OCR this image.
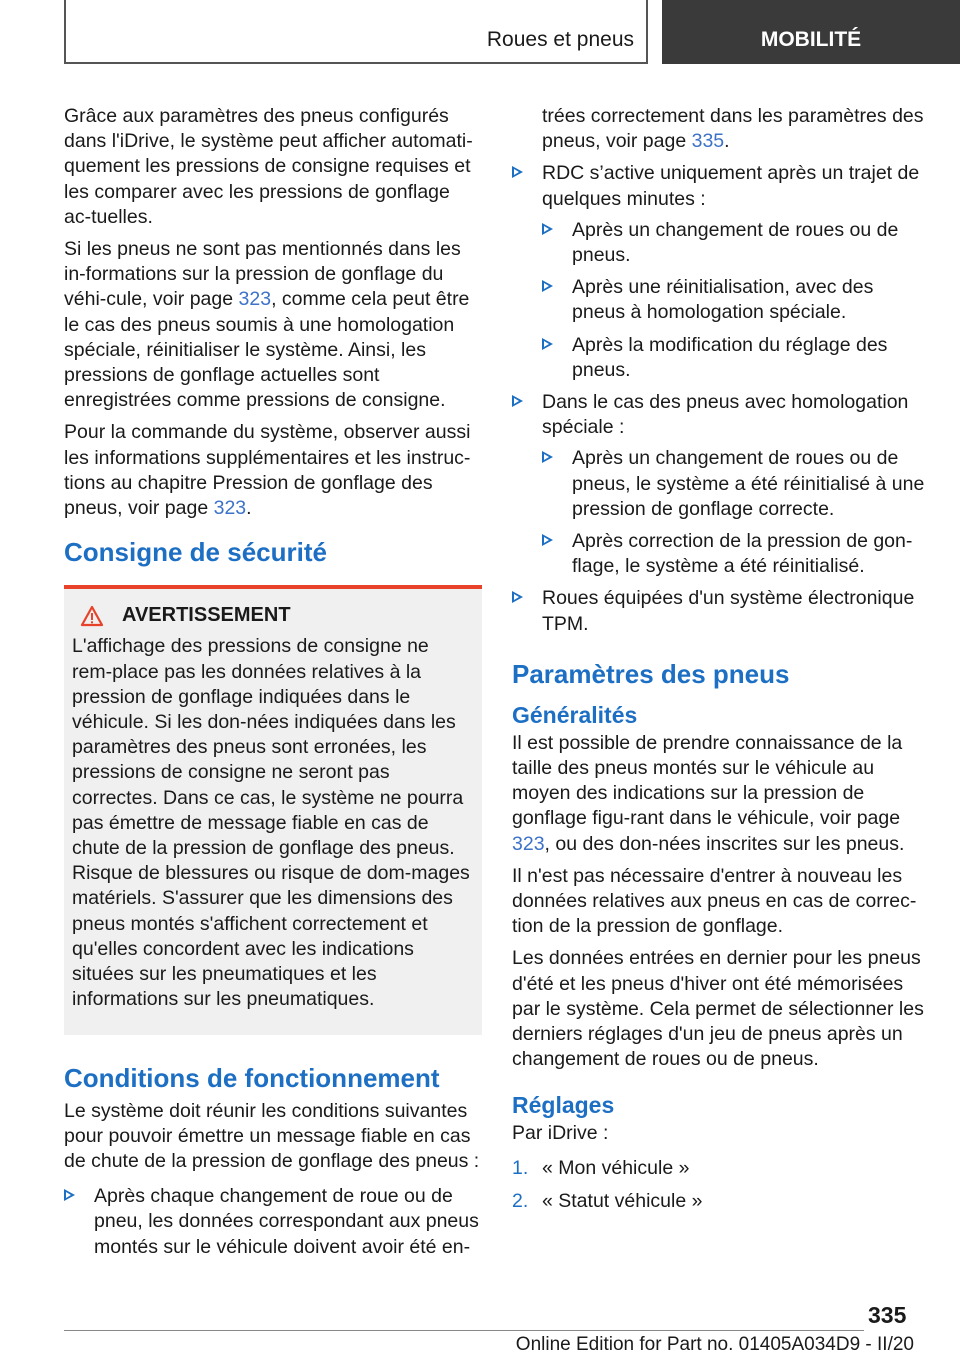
Roues et pneus	MOBILITÉ

Grâce aux paramètres des pneus configurés dans l'iDrive, le système peut afficher automati-quement les pressions de consigne requises et les comparer avec les pressions de gonflage ac-tuelles.

Si les pneus ne sont pas mentionnés dans les in-formations sur la pression de gonflage du véhi-cule, voir page 323, comme cela peut être le cas des pneus soumis à une homologation spéciale, réinitialiser le système. Ainsi, les pressions de gonflage actuelles sont enregistrées comme pressions de consigne.

Pour la commande du système, observer aussi les informations supplémentaires et les instruc-tions au chapitre Pression de gonflage des pneus, voir page 323.

Consigne de sécurité
AVERTISSEMENT

L'affichage des pressions de consigne ne rem-place pas les données relatives à la pression de gonflage indiquées dans le véhicule. Si les don-nées indiquées dans les paramètres des pneus sont erronées, les pressions de consigne ne seront pas correctes. Dans ce cas, le système ne pourra pas émettre de message fiable en cas de chute de la pression de gonflage des pneus. Risque de blessures ou risque de dom-mages matériels. S'assurer que les dimensions des pneus montés s'affichent correctement et qu'elles concordent avec les indications situées sur les pneumatiques et les informations sur les pneumatiques.

Conditions de fonctionnement

Le système doit réunir les conditions suivantes pour pouvoir émettre un message fiable en cas de chute de la pression de gonflage des pneus :

Après chaque changement de roue ou de pneu, les données correspondant aux pneus montés sur le véhicule doivent avoir été en-
trées correctement dans les paramètres des pneus, voir page 335.
RDC s’active uniquement après un trajet de quelques minutes :
Après un changement de roues ou de pneus.
Après une réinitialisation, avec des pneus à homologation spéciale.
Après la modification du réglage des pneus.
Dans le cas des pneus avec homologation spéciale :
Après un changement de roues ou de pneus, le système a été réinitialisé à une pression de gonflage correcte.
Après correction de la pression de gon-flage, le système a été réinitialisé.
Roues équipées d'un système électronique TPM.
Paramètres des pneus
Généralités

Il est possible de prendre connaissance de la taille des pneus montés sur le véhicule au moyen des indications sur la pression de gonflage figu-rant dans le véhicule, voir page 323, ou des don-nées inscrites sur les pneus.

Il n'est pas nécessaire d'entrer à nouveau les données relatives aux pneus en cas de correc-tion de la pression de gonflage.

Les données entrées en dernier pour les pneus d'été et les pneus d'hiver ont été mémorisées par le système. Cela permet de sélectionner les derniers réglages d'un jeu de pneus après un changement de roues ou de pneus.

Réglages

Par iDrive :

1. « Mon véhicule »
2. « Statut véhicule »
335
Online Edition for Part no. 01405A034D9 - II/20
